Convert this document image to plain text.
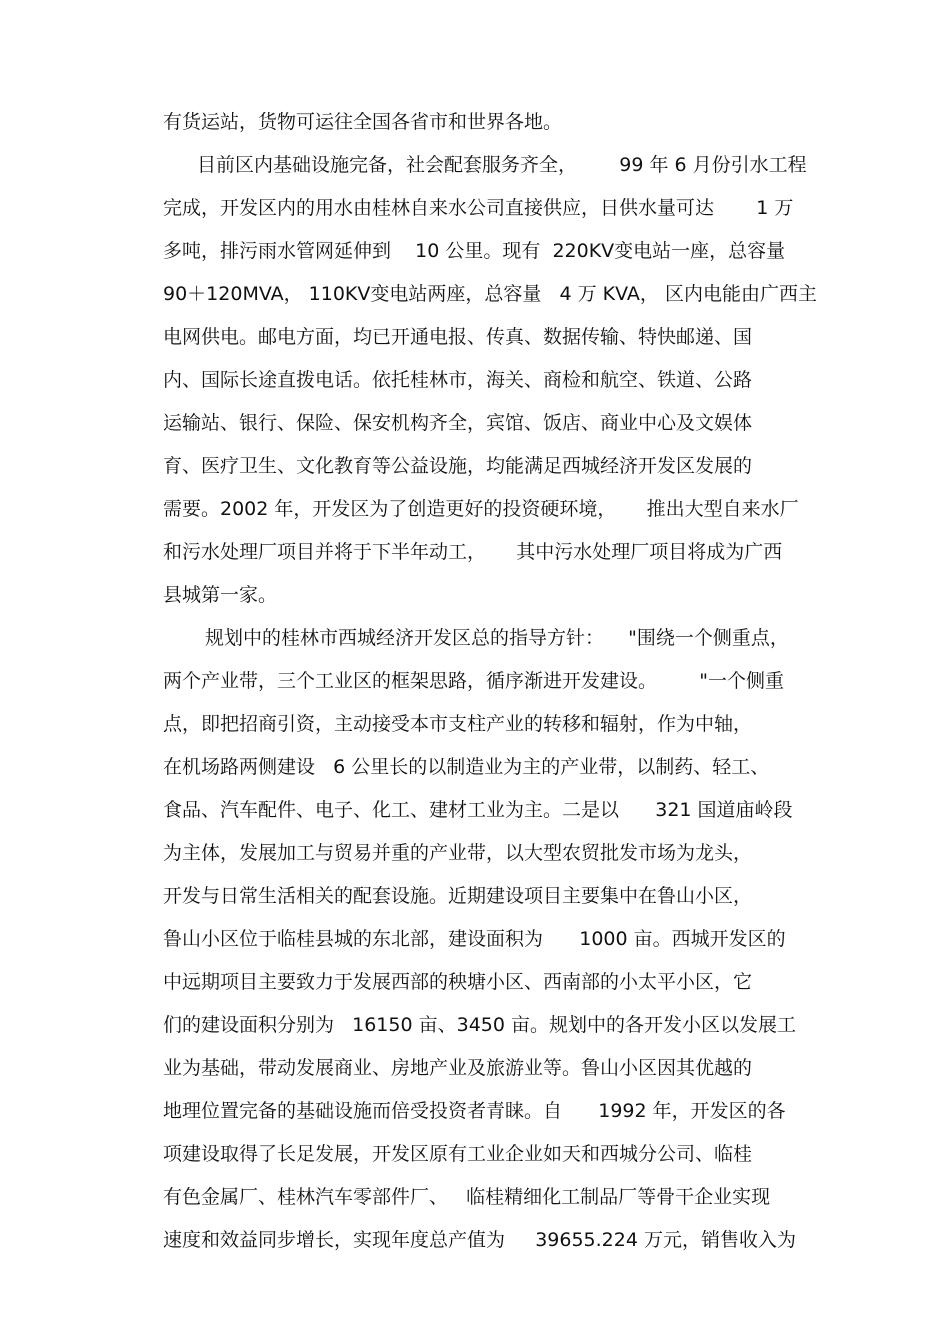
有货运站，货物可运往全国各省市和世界各地。
目前区内基础设施完备，社会配套服务齐全，       99 年 6 月份引水工程
完成，开发区内的用水由桂林自来水公司直接供应，日供水量可达       1 万
多吨，排污雨水管网延伸到    10 公里。现有  220KV变电站一座，总容量
90＋120MVA， 110KV变电站两座，总容量   4 万 KVA， 区内电能由广西主
电网供电。邮电方面，均已开通电报、传真、数据传输、特快邮递、国
内、国际长途直拨电话。依托桂林市，海关、商检和航空、铁道、公路
运输站、银行、保险、保安机构齐全，宾馆、饭店、商业中心及文娱体
育、医疗卫生、文化教育等公益设施，均能满足西城经济开发区发展的
需要。2002 年，开发区为了创造更好的投资硬环境，     推出大型自来水厂
和污水处理厂项目并将于下半年动工，     其中污水处理厂项目将成为广西
县城第一家。
规划中的桂林市西城经济开发区总的指导方针：    "围绕一个侧重点，
两个产业带，三个工业区的框架思路，循序渐进开发建设。       "一个侧重
点，即把招商引资，主动接受本市支柱产业的转移和辐射，作为中轴，
在机场路两侧建设   6 公里长的以制造业为主的产业带，以制药、轻工、
食品、汽车配件、电子、化工、建材工业为主。二是以      321 国道庙岭段
为主体，发展加工与贸易并重的产业带，以大型农贸批发市场为龙头，
开发与日常生活相关的配套设施。近期建设项目主要集中在鲁山小区，
鲁山小区位于临桂县城的东北部，建设面积为      1000 亩。西城开发区的
中远期项目主要致力于发展西部的秧塘小区、西南部的小太平小区，它
们的建设面积分别为   16150 亩、3450 亩。规划中的各开发小区以发展工
业为基础，带动发展商业、房地产业及旅游业等。鲁山小区因其优越的
地理位置完备的基础设施而倍受投资者青睐。自      1992 年，开发区的各
项建设取得了长足发展，开发区原有工业企业如天和西城分公司、临桂
有色金属厂、桂林汽车零部件厂、   临桂精细化工制品厂等骨干企业实现
速度和效益同步增长，实现年度总产值为     39655.224 万元，销售收入为
